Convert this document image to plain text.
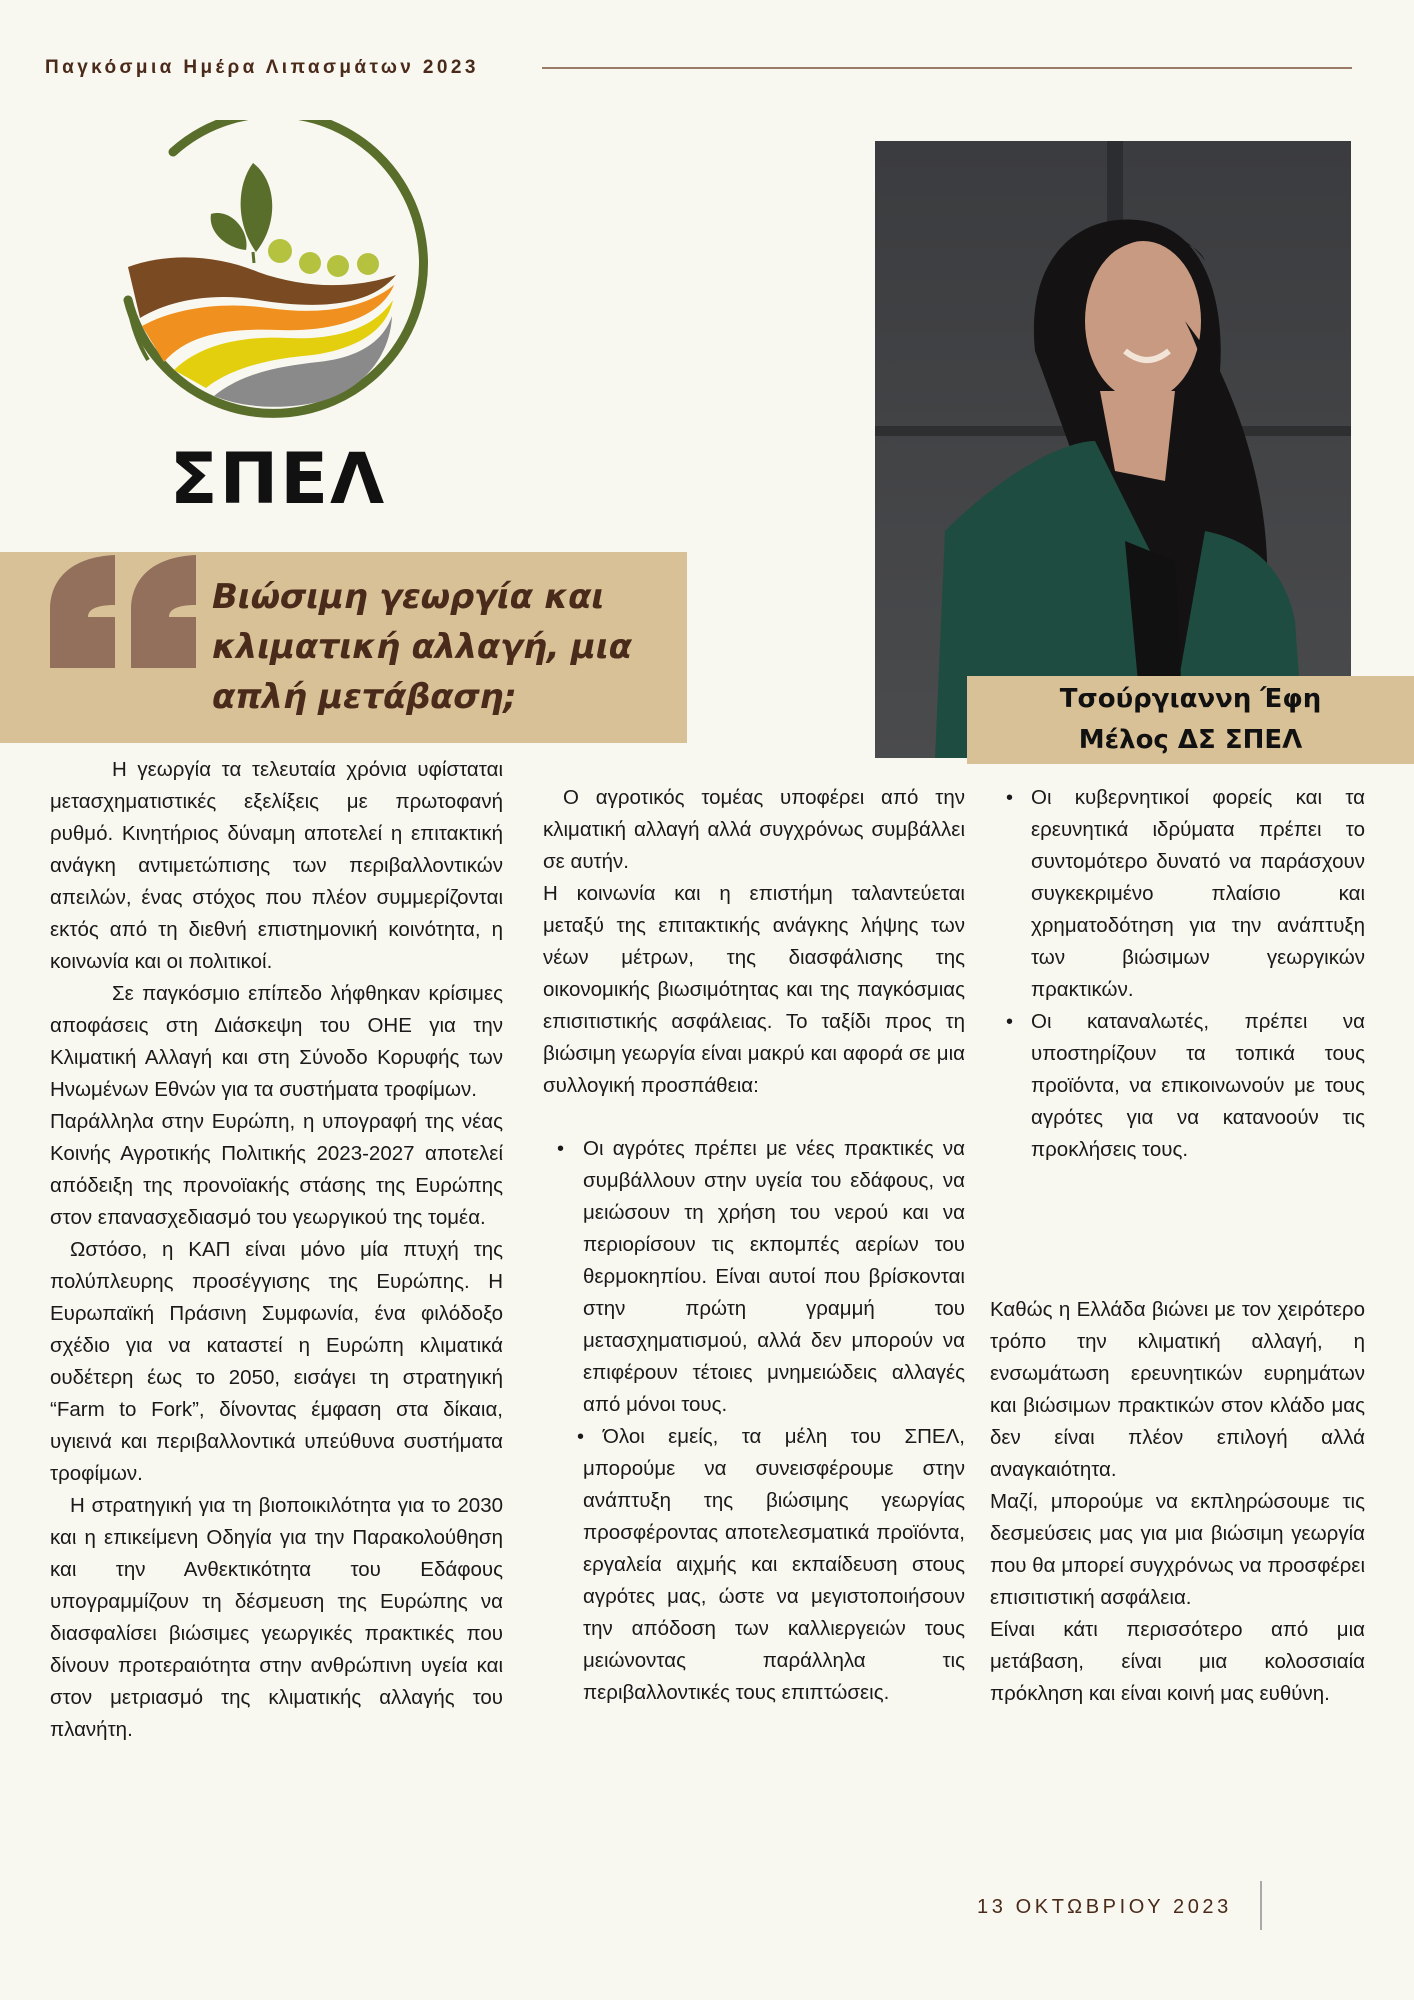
Παγκόσμια Ημέρα Λιπασμάτων 2023
ΣΠΕΛ
Τσούργιαννη Έφη
Μέλος ΔΣ ΣΠΕΛ
Βιώσιμη γεωργία και
κλιματική αλλαγή, μια
απλή μετάβαση;

Η γεωργία τα τελευταία χρόνια υφίσταται μετασχηματιστικές εξελίξεις με πρωτοφανή ρυθμό. Κινητήριος δύναμη αποτελεί η επιτακτική ανάγκη αντιμετώπισης των περιβαλλοντικών απειλών, ένας στόχος που πλέον συμμερίζονται εκτός από τη διεθνή επιστημονική κοινότητα, η κοινωνία και οι πολιτικοί.

Σε παγκόσμιο επίπεδο λήφθηκαν κρίσιμες αποφάσεις στη Διάσκεψη του ΟΗΕ για την Κλιματική Αλλαγή και στη Σύνοδο Κορυφής των Ηνωμένων Εθνών για τα συστήματα τροφίμων.

Παράλληλα στην Ευρώπη, η υπογραφή της νέας Κοινής Αγροτικής Πολιτικής 2023-2027 αποτελεί απόδειξη της προνοϊακής στάσης της Ευρώπης στον επανασχεδιασμό του γεωργικού της τομέα.

Ωστόσο, η ΚΑΠ είναι μόνο μία πτυχή της πολύπλευρης προσέγγισης της Ευρώπης. Η Ευρωπαϊκή Πράσινη Συμφωνία, ένα φιλόδοξο σχέδιο για να καταστεί η Ευρώπη κλιματικά ουδέτερη έως το 2050, εισάγει τη στρατηγική “Farm to Fork”, δίνοντας έμφαση στα δίκαια, υγιεινά και περιβαλλοντικά υπεύθυνα συστήματα τροφίμων.

Η στρατηγική για τη βιοποικιλότητα για το 2030 και η επικείμενη Οδηγία για την Παρακολούθηση και την Ανθεκτικότητα του Εδάφους υπογραμμίζουν τη δέσμευση της Ευρώπης να διασφαλίσει βιώσιμες γεωργικές πρακτικές που δίνουν προτεραιότητα στην ανθρώπινη υγεία και στον μετριασμό της κλιματικής αλλαγής του πλανήτη.

Ο αγροτικός τομέας υποφέρει από την κλιματική αλλαγή αλλά συγχρόνως συμβάλλει σε αυτήν.

Η κοινωνία και η επιστήμη ταλαντεύεται μεταξύ της επιτακτικής ανάγκης λήψης των νέων μέτρων, της διασφάλισης της οικονομικής βιωσιμότητας και της παγκόσμιας επισιτιστικής ασφάλειας. Το ταξίδι προς τη βιώσιμη γεωργία είναι μακρύ και αφορά σε μια συλλογική προσπάθεια:

• Οι αγρότες πρέπει με νέες πρακτικές να συμβάλλουν στην υγεία του εδάφους, να μειώσουν τη χρήση του νερού και να περιορίσουν τις εκπομπές αερίων του θερμοκηπίου. Είναι αυτοί που βρίσκονται στην πρώτη γραμμή του μετασχηματισμού, αλλά δεν μπορούν να επιφέρουν τέτοιες μνημειώδεις αλλαγές από μόνοι τους.
• Όλοι εμείς, τα μέλη του ΣΠΕΛ, μπορούμε να συνεισφέρουμε στην ανάπτυξη της βιώσιμης γεωργίας προσφέροντας αποτελεσματικά προϊόντα, εργαλεία αιχμής και εκπαίδευση στους αγρότες μας, ώστε να μεγιστοποιήσουν την απόδοση των καλλιεργειών τους μειώνοντας παράλληλα τις περιβαλλοντικές τους επιπτώσεις.
• Οι κυβερνητικοί φορείς και τα ερευνητικά ιδρύματα πρέπει το συντομότερο δυνατό να παράσχουν συγκεκριμένο πλαίσιο και χρηματοδότηση για την ανάπτυξη των βιώσιμων γεωργικών πρακτικών.
• Οι καταναλωτές, πρέπει να υποστηρίζουν τα τοπικά τους προϊόντα, να επικοινωνούν με τους αγρότες για να κατανοούν τις προκλήσεις τους.

Καθώς η Ελλάδα βιώνει με τον χειρότερο τρόπο την κλιματική αλλαγή, η ενσωμάτωση ερευνητικών ευρημάτων και βιώσιμων πρακτικών στον κλάδο μας δεν είναι πλέον επιλογή αλλά αναγκαιότητα.

Μαζί, μπορούμε να εκπληρώσουμε τις δεσμεύσεις μας για μια βιώσιμη γεωργία που θα μπορεί συγχρόνως να προσφέρει επισιτιστική ασφάλεια.

Είναι κάτι περισσότερο από μια μετάβαση, είναι μια κολοσσιαία πρόκληση και είναι κοινή μας ευθύνη.

13 ΟΚΤΩΒΡΙΟΥ 2023
